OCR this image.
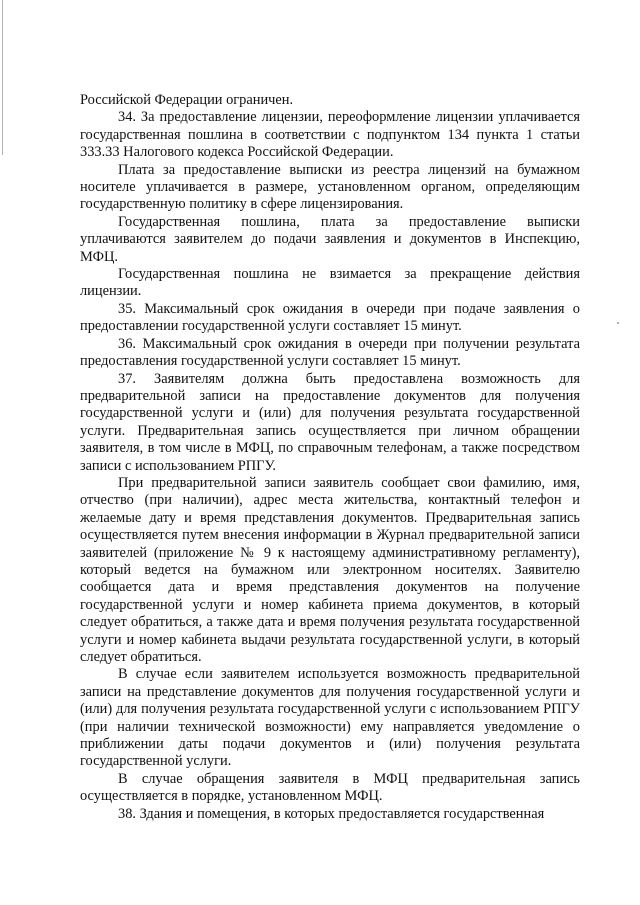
Российской Федерации ограничен.

34. За предоставление лицензии, переоформление лицензии уплачивается государственная пошлина в соответствии с подпунктом 134 пункта 1 статьи 333.33 Налогового кодекса Российской Федерации.

Плата за предоставление выписки из реестра лицензий на бумажном носителе уплачивается в размере, установленном органом, определяющим государственную политику в сфере лицензирования.

Государственная пошлина, плата за предоставление выписки уплачиваются заявителем до подачи заявления и документов в Инспекцию, МФЦ.

Государственная пошлина не взимается за прекращение действия лицензии.

35. Максимальный срок ожидания в очереди при подаче заявления о предоставлении государственной услуги составляет 15 минут.

36. Максимальный срок ожидания в очереди при получении результата предоставления государственной услуги составляет 15 минут.

37. Заявителям должна быть предоставлена возможность для предварительной записи на предоставление документов для получения государственной услуги и (или) для получения результата государственной услуги. Предварительная запись осуществляется при личном обращении заявителя, в том числе в МФЦ, по справочным телефонам, а также посредством записи с использованием РПГУ.

При предварительной записи заявитель сообщает свои фамилию, имя, отчество (при наличии), адрес места жительства, контактный телефон и желаемые дату и время представления документов. Предварительная запись осуществляется путем внесения информации в Журнал предварительной записи заявителей (приложение № 9 к настоящему административному регламенту), который ведется на бумажном или электронном носителях. Заявителю сообщается дата и время представления документов на получение государственной услуги и номер кабинета приема документов, в который следует обратиться, а также дата и время получения результата государственной услуги и номер кабинета выдачи результата государственной услуги, в который следует обратиться.

В случае если заявителем используется возможность предварительной записи на представление документов для получения государственной услуги и (или) для получения результата государственной услуги с использованием РПГУ (при наличии технической возможности) ему направляется уведомление о приближении даты подачи документов и (или) получения результата государственной услуги.

В случае обращения заявителя в МФЦ предварительная запись осуществляется в порядке, установленном МФЦ.

38. Здания и помещения, в которых предоставляется государственная
